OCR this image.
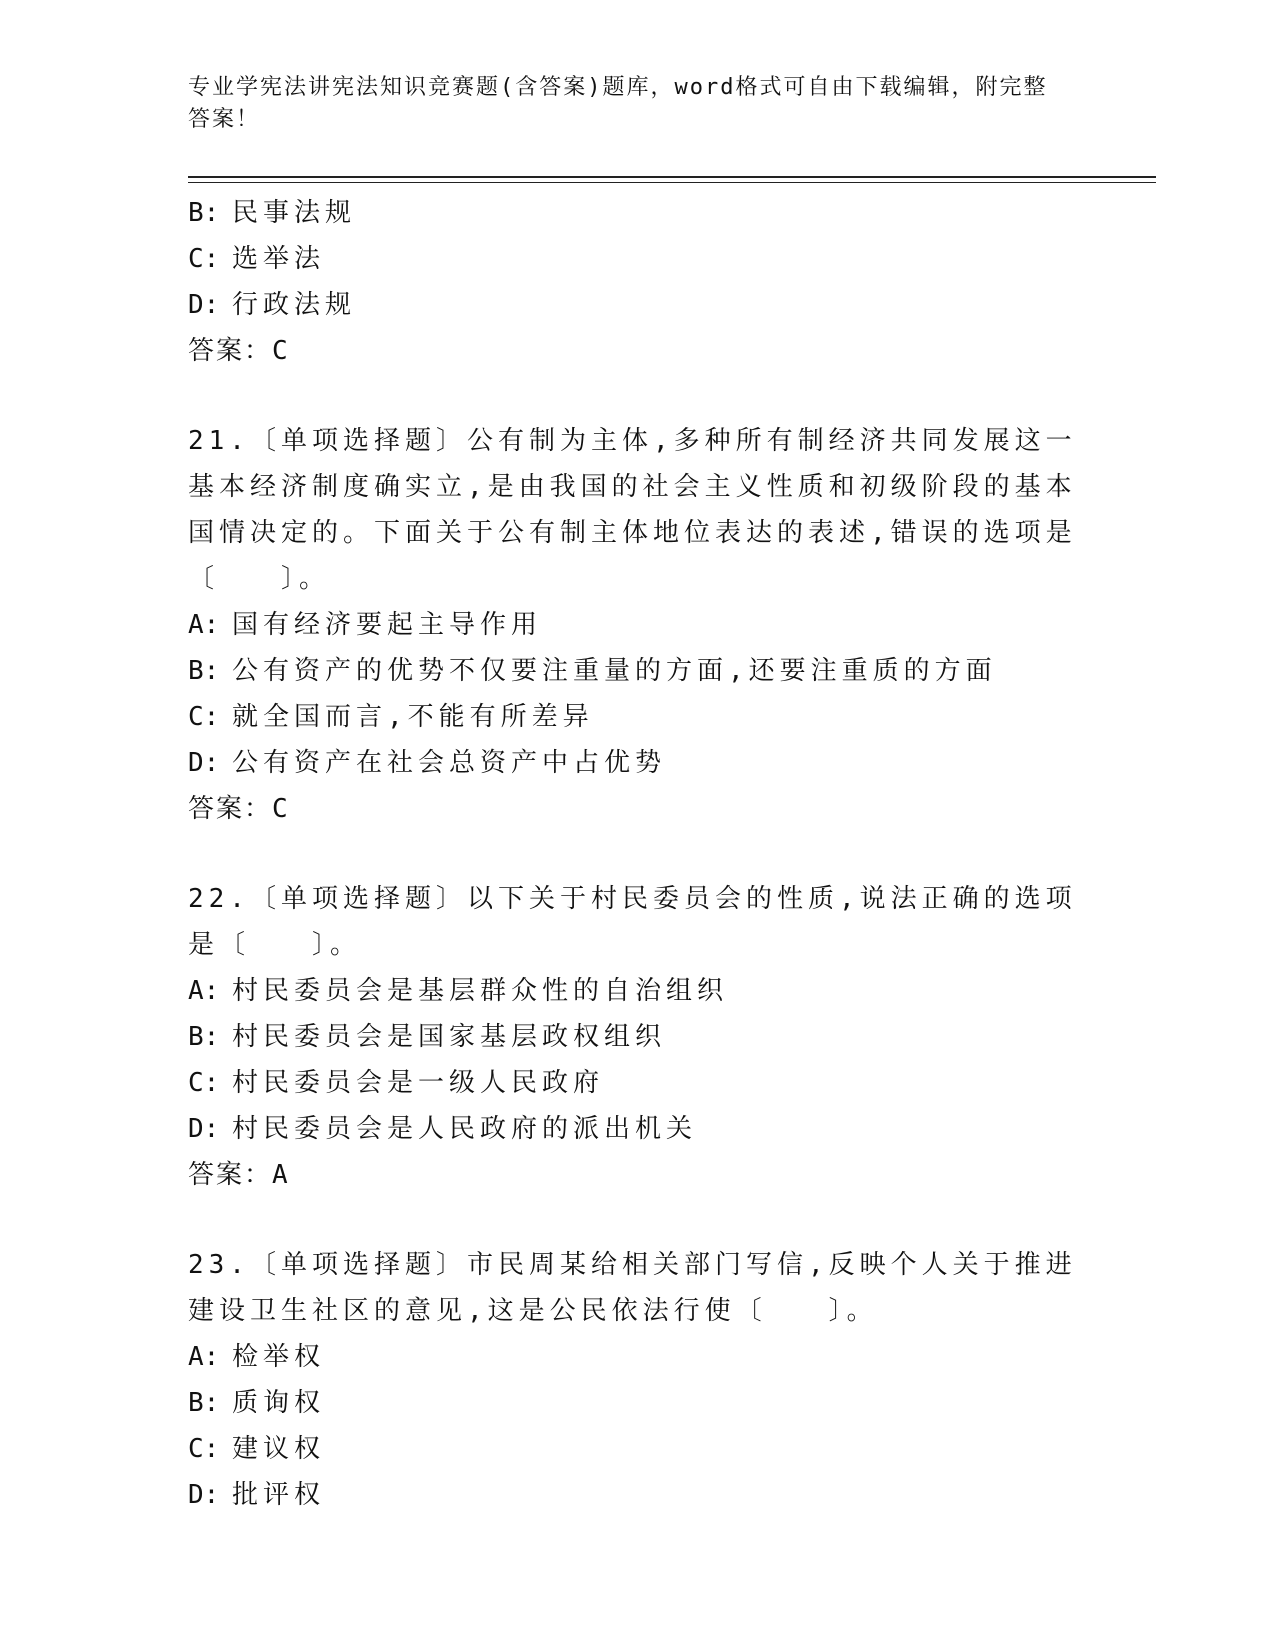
专业学宪法讲宪法知识竞赛题(含答案)题库，word格式可自由下载编辑，附完整答案！
B: 民事法规
C: 选举法
D: 行政法规
答案：C
21.〔单项选择题〕公有制为主体,多种所有制经济共同发展这一基本经济制度确实立,是由我国的社会主义性质和初级阶段的基本国情决定的。下面关于公有制主体地位表达的表述,错误的选项是〔　　〕。
A: 国有经济要起主导作用
B: 公有资产的优势不仅要注重量的方面,还要注重质的方面
C: 就全国而言,不能有所差异
D: 公有资产在社会总资产中占优势
答案：C
22.〔单项选择题〕以下关于村民委员会的性质,说法正确的选项是〔　　〕。
A: 村民委员会是基层群众性的自治组织
B: 村民委员会是国家基层政权组织
C: 村民委员会是一级人民政府
D: 村民委员会是人民政府的派出机关
答案：A
23.〔单项选择题〕市民周某给相关部门写信,反映个人关于推进建设卫生社区的意见,这是公民依法行使〔　　〕。
A: 检举权
B: 质询权
C: 建议权
D: 批评权
